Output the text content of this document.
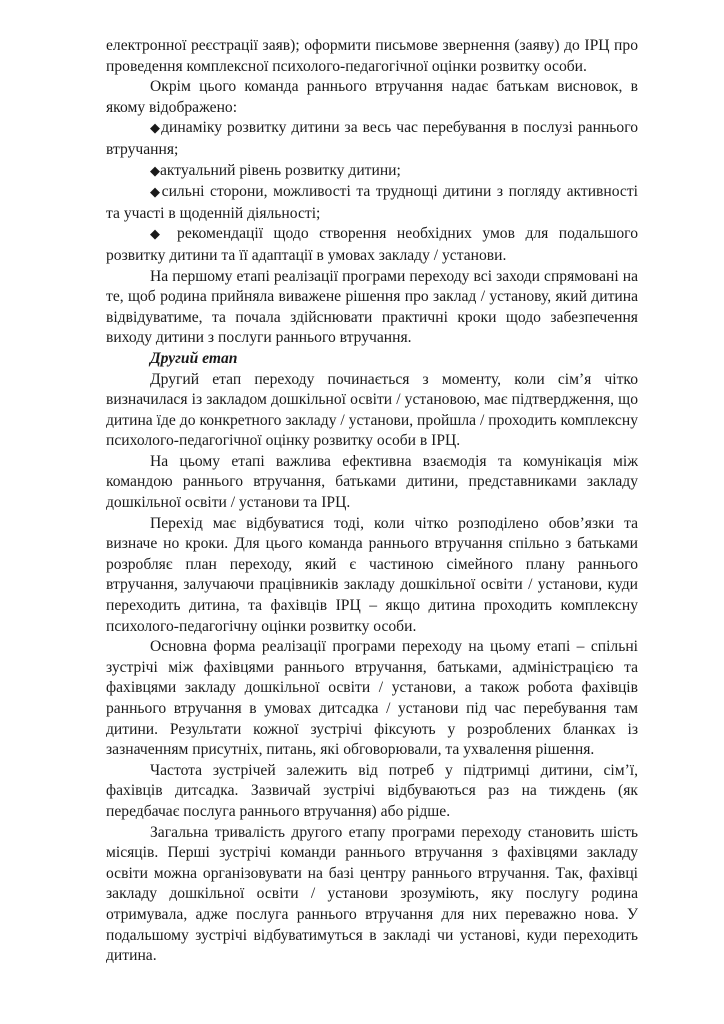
електронної реєстрації заяв); оформити письмове звернення (заяву) до ІРЦ про проведення комплексної психолого-педагогічної оцінки розвитку особи.

Окрім цього команда раннього втручання надає батькам висновок, в якому відображено:

◆динаміку розвитку дитини за весь час перебування в послузі раннього втручання;

◆актуальний рівень розвитку дитини;

◆сильні сторони, можливості та труднощі дитини з погляду активності та участі в щоденній діяльності;

◆ рекомендації щодо створення необхідних умов для подальшого розвитку дитини та її адаптації в умовах закладу / установи.

На першому етапі реалізації програми переходу всі заходи спрямовані на те, щоб родина прийняла виважене рішення про заклад / установу, який дитина відвідуватиме, та почала здійснювати практичні кроки щодо забезпечення виходу дитини з послуги раннього втручання.

Другий етап

Другий етап переходу починається з моменту, коли сім’я чітко визначилася із закладом дошкільної освіти / установою, має підтвердження, що дитина їде до конкретного закладу / установи, пройшла / проходить комплексну психолого-педагогічної оцінку розвитку особи в ІРЦ.

На цьому етапі важлива ефективна взаємодія та комунікація між командою раннього втручання, батьками дитини, представниками закладу дошкільної освіти / установи та ІРЦ.

Перехід має відбуватися тоді, коли чітко розподілено обов’язки та визначе но кроки. Для цього команда раннього втручання спільно з батьками розробляє план переходу, який є частиною сімейного плану раннього втручання, залучаючи працівників закладу дошкільної освіти / установи, куди переходить дитина, та фахівців ІРЦ – якщо дитина проходить комплексну психолого-педагогічну оцінки розвитку особи.

Основна форма реалізації програми переходу на цьому етапі – спільні зустрічі між фахівцями раннього втручання, батьками, адміністрацією та фахівцями закладу дошкільної освіти / установи, а також робота фахівців раннього втручання в умовах дитсадка / установи під час перебування там дитини. Результати кожної зустрічі фіксують у розроблених бланках із зазначенням присутніх, питань, які обговорювали, та ухвалення рішення.

Частота зустрічей залежить від потреб у підтримці дитини, сім’ї, фахівців дитсадка. Зазвичай зустрічі відбуваються раз на тиждень (як передбачає послуга раннього втручання) або рідше.

Загальна тривалість другого етапу програми переходу становить шість місяців. Перші зустрічі команди раннього втручання з фахівцями закладу освіти можна організовувати на базі центру раннього втручання. Так, фахівці закладу дошкільної освіти / установи зрозуміють, яку послугу родина отримувала, адже послуга раннього втручання для них переважно нова. У подальшому зустрічі відбуватимуться в закладі чи установі, куди переходить дитина.
